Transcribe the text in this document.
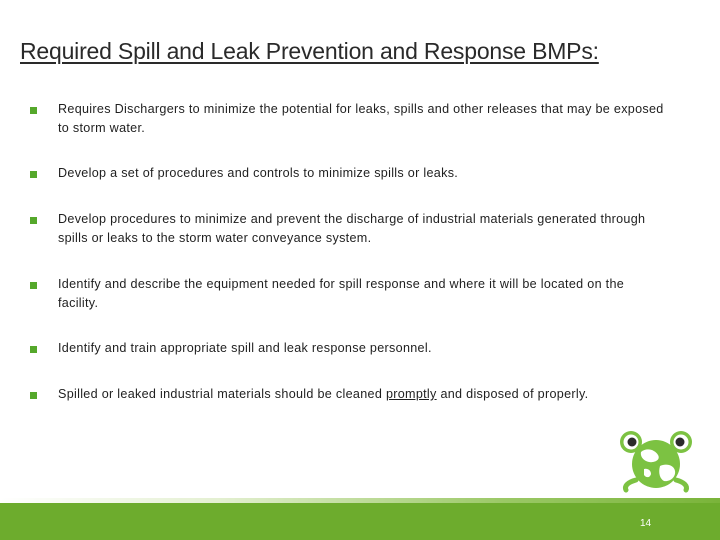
Required Spill and Leak Prevention and Response BMPs:
Requires Dischargers to minimize the potential for leaks, spills and other releases that may be exposed to storm water.
Develop a set of procedures and controls to minimize spills or leaks.
Develop procedures to minimize and prevent the discharge of industrial materials generated through spills or leaks to the storm water conveyance system.
Identify and describe the equipment needed for spill response and where it will be located on the facility.
Identify and train appropriate spill and leak response personnel.
Spilled or leaked industrial materials should be cleaned promptly and disposed of properly.
14
